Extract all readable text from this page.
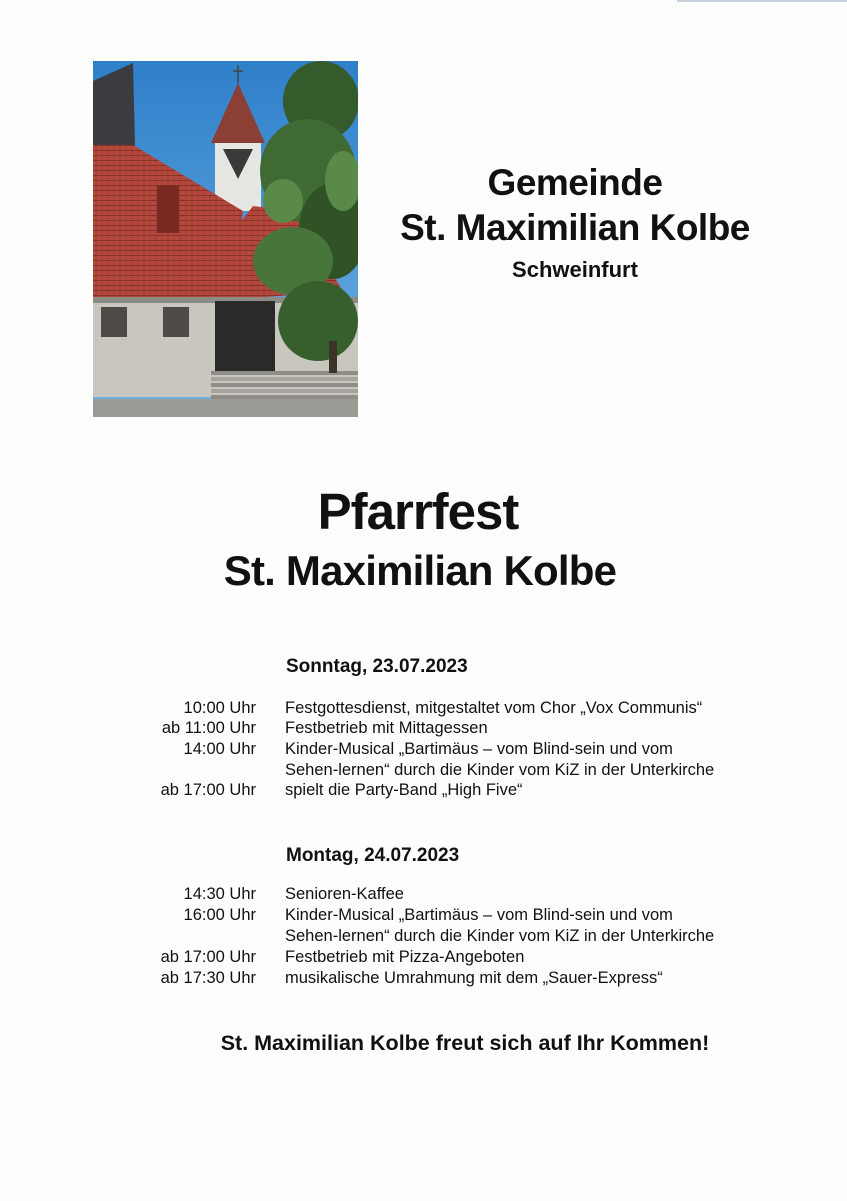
Gemeinde
St. Maximilian Kolbe
Schweinfurt
Pfarrfest
St. Maximilian Kolbe
Sonntag, 23.07.2023
10:00 Uhr Festgottesdienst, mitgestaltet vom Chor „Vox Communis“
ab 11:00 Uhr Festbetrieb mit Mittagessen
14:00 Uhr Kinder-Musical „Bartimäus – vom Blind-sein und vom
Sehen-lernen“ durch die Kinder vom KiZ in der Unterkirche
ab 17:00 Uhr spielt die Party-Band „High Five“
Montag, 24.07.2023
14:30 Uhr Senioren-Kaffee
16:00 Uhr Kinder-Musical „Bartimäus – vom Blind-sein und vom
Sehen-lernen“ durch die Kinder vom KiZ in der Unterkirche
ab 17:00 Uhr Festbetrieb mit Pizza-Angeboten
ab 17:30 Uhr musikalische Umrahmung mit dem „Sauer-Express“
St. Maximilian Kolbe freut sich auf Ihr Kommen!
